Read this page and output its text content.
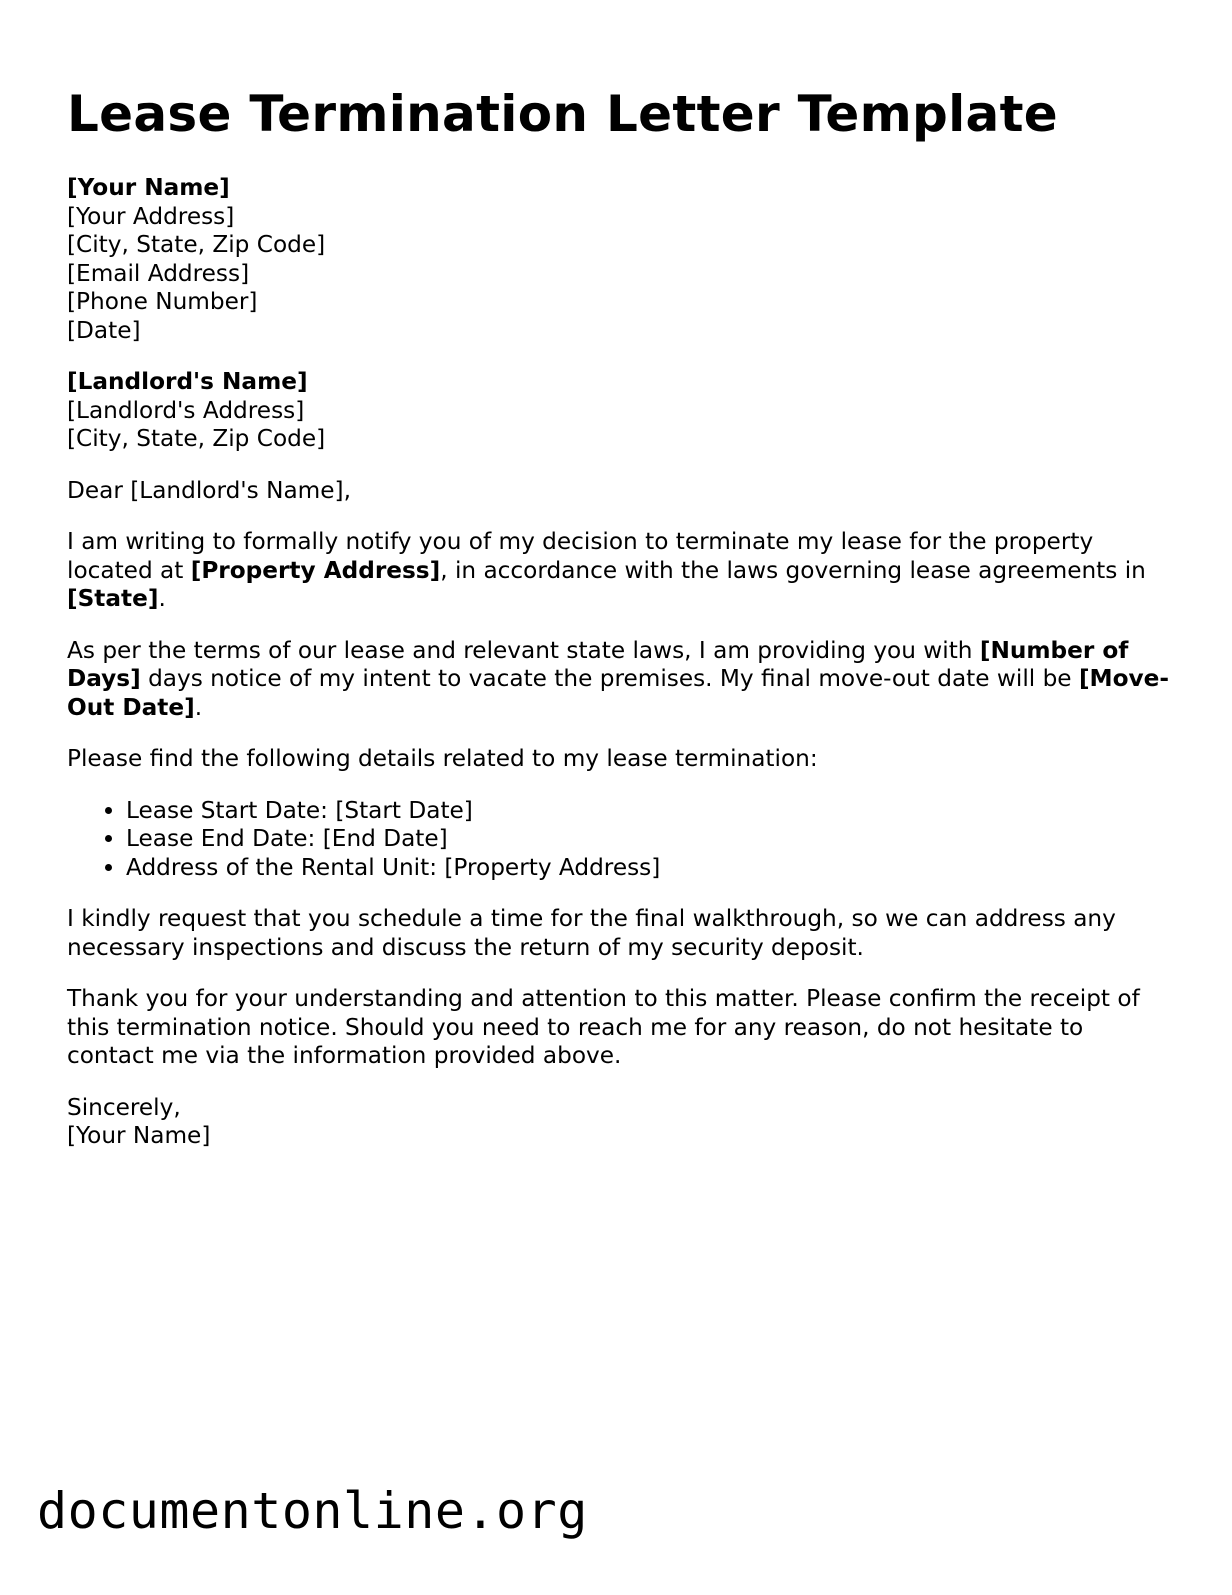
Lease Termination Letter Template
[Your Name]
[Your Address]
[City, State, Zip Code]
[Email Address]
[Phone Number]
[Date]
[Landlord's Name]
[Landlord's Address]
[City, State, Zip Code]

Dear [Landlord's Name],

I am writing to formally notify you of my decision to terminate my lease for the property located at [Property Address], in accordance with the laws governing lease agreements in [State].

As per the terms of our lease and relevant state laws, I am providing you with [Number of Days] days notice of my intent to vacate the premises. My final move-out date will be [Move-Out Date].

Please find the following details related to my lease termination:

• Lease Start Date: [Start Date]
• Lease End Date: [End Date]
• Address of the Rental Unit: [Property Address]

I kindly request that you schedule a time for the final walkthrough, so we can address any necessary inspections and discuss the return of my security deposit.

Thank you for your understanding and attention to this matter. Please confirm the receipt of this termination notice. Should you need to reach me for any reason, do not hesitate to contact me via the information provided above.

Sincerely,
[Your Name]
documentonline.org
